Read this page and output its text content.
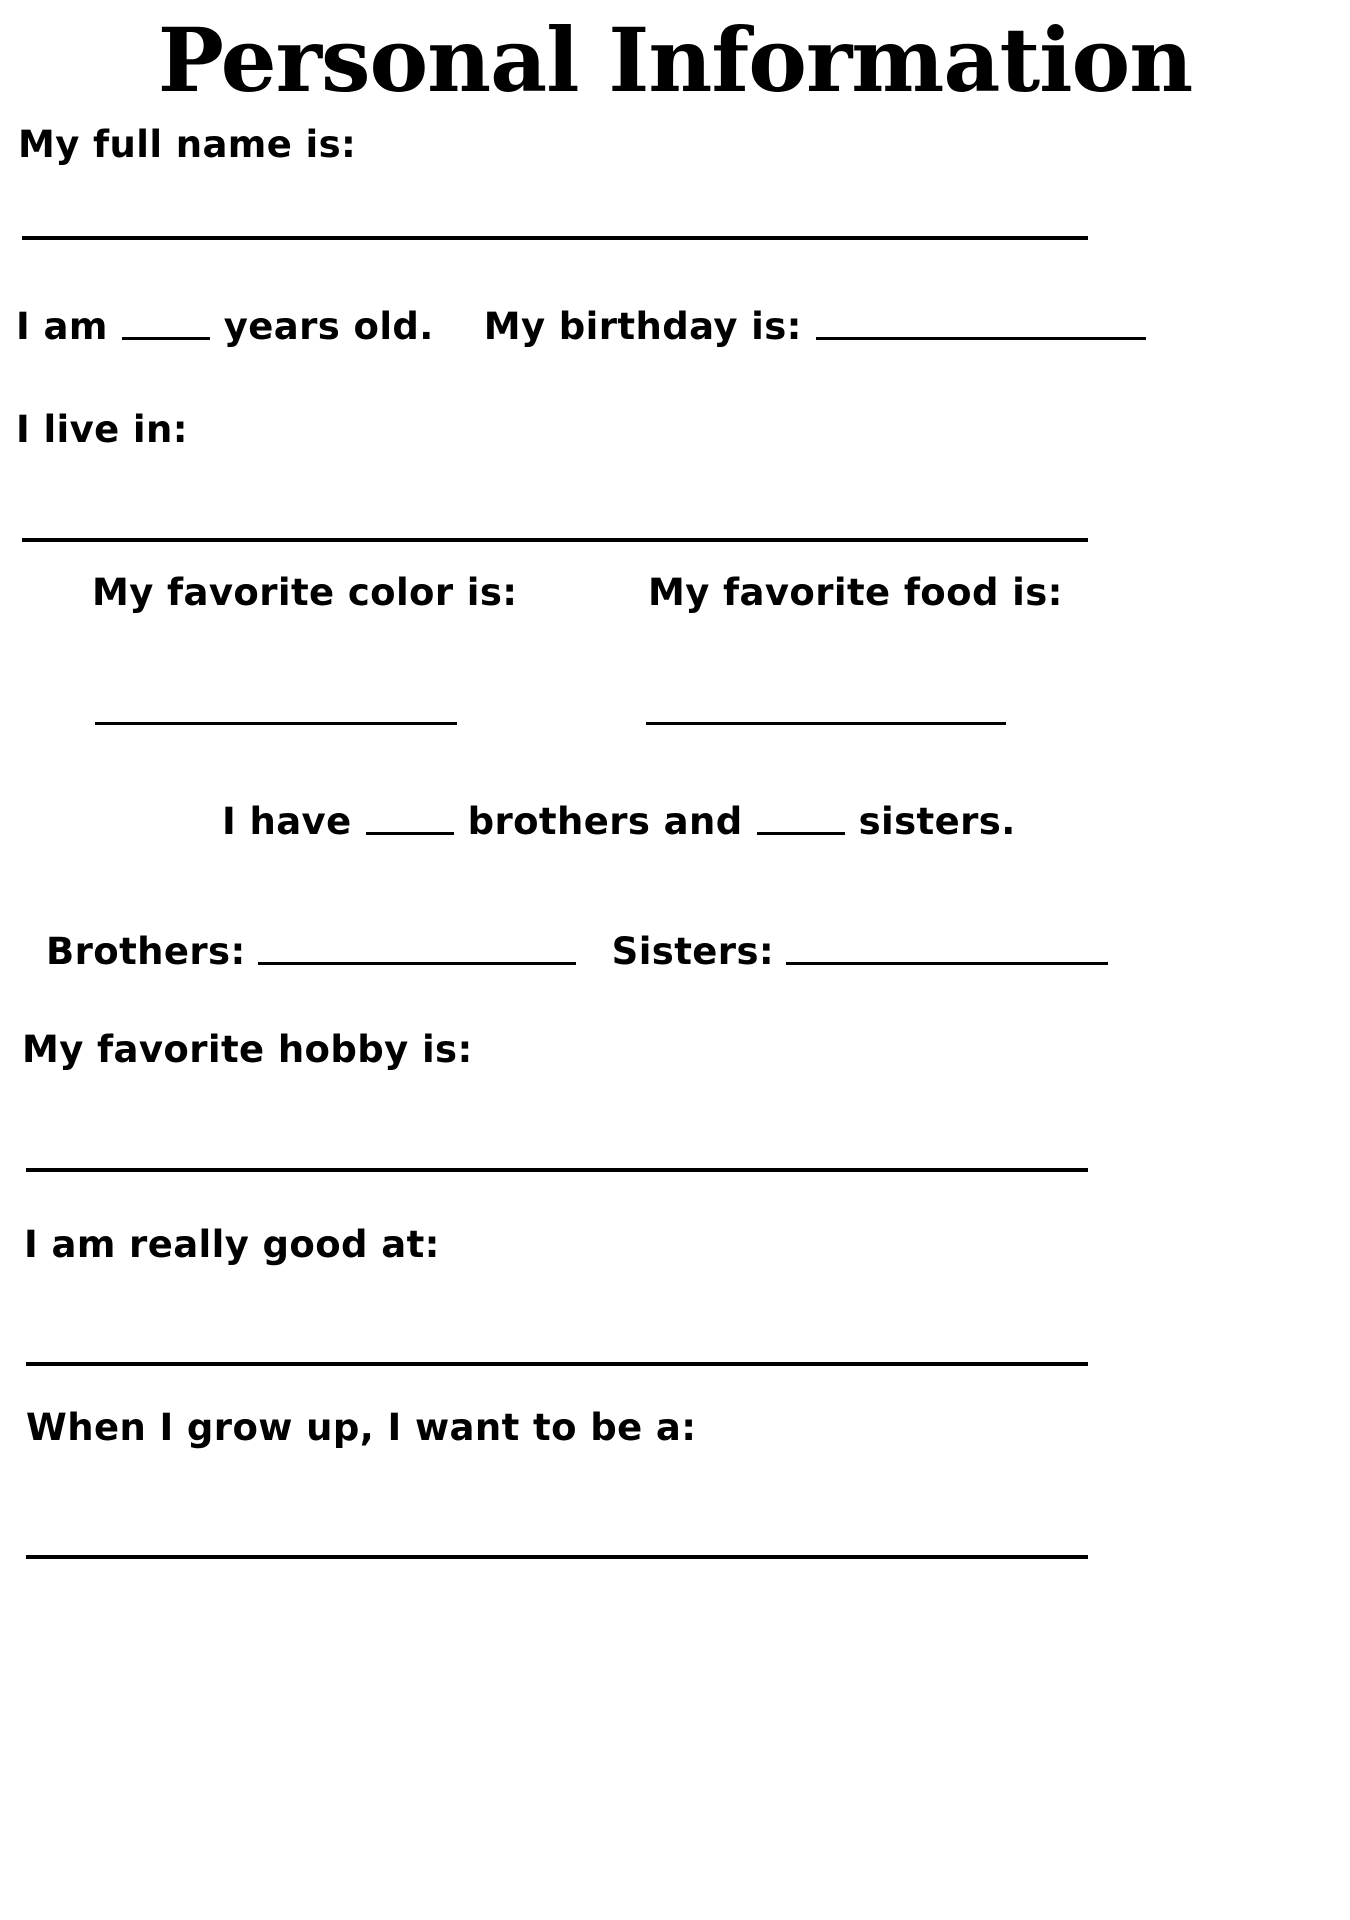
Personal Information
My full name is:
I am	years old. My birthday is:
I live in:
My favorite color is:	My favorite food is:
I have	brothers and	sisters.
Brothers:	Sisters:
My favorite hobby is:
I am really good at:
When I grow up, I want to be a:
